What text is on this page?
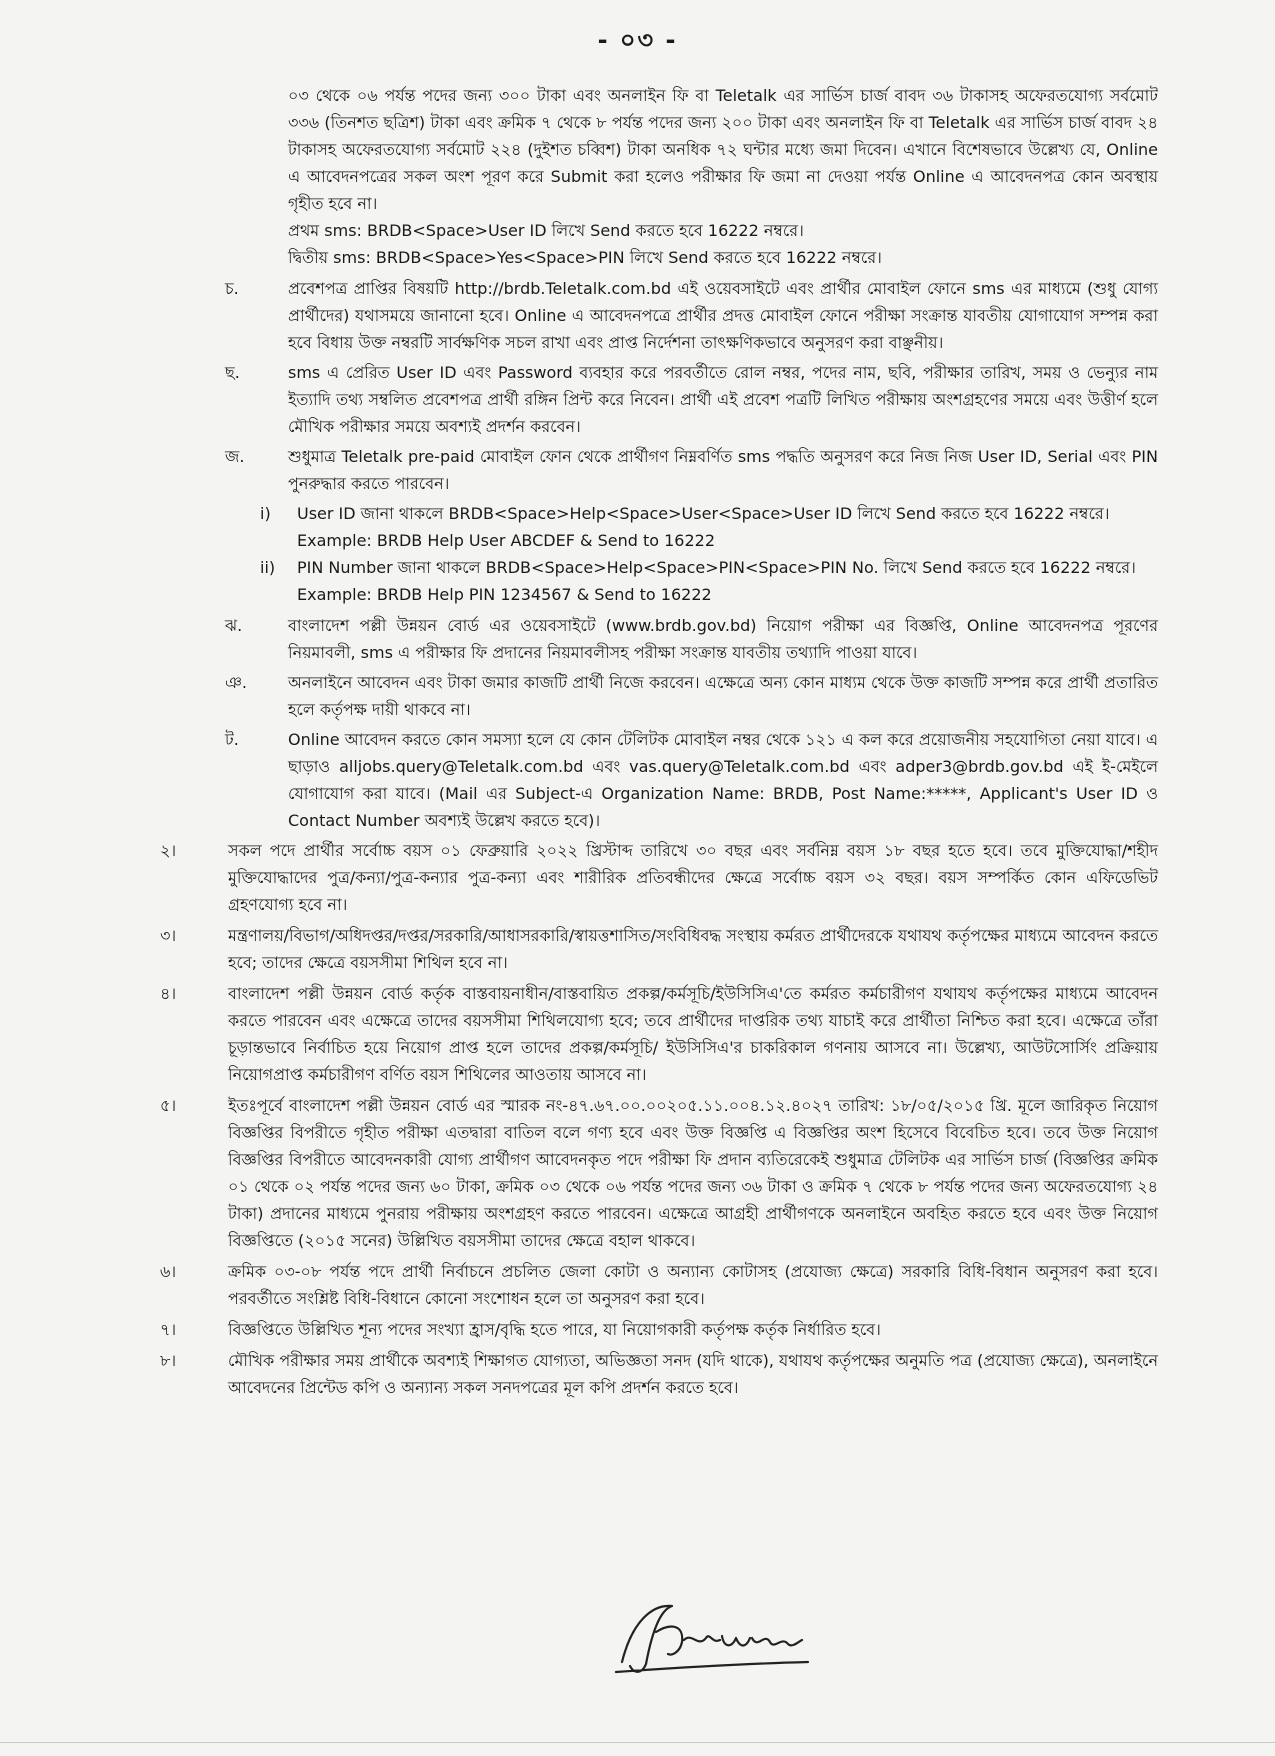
- ০৩ -
০৩ থেকে ০৬ পর্যন্ত পদের জন্য ৩০০ টাকা এবং অনলাইন ফি বা Teletalk এর সার্ভিস চার্জ বাবদ ৩৬ টাকাসহ অফেরতযোগ্য সর্বমোট ৩৩৬ (তিনশত ছত্রিশ) টাকা এবং ক্রমিক ৭ থেকে ৮ পর্যন্ত পদের জন্য ২০০ টাকা এবং অনলাইন ফি বা Teletalk এর সার্ভিস চার্জ বাবদ ২৪ টাকাসহ অফেরতযোগ্য সর্বমোট ২২৪ (দুইশত চব্বিশ) টাকা অনধিক ৭২ ঘন্টার মধ্যে জমা দিবেন। এখানে বিশেষভাবে উল্লেখ্য যে, Online এ আবেদনপত্রের সকল অংশ পূরণ করে Submit করা হলেও পরীক্ষার ফি জমা না দেওয়া পর্যন্ত Online এ আবেদনপত্র কোন অবস্থায় গৃহীত হবে না।
প্রথম sms: BRDB<Space>User ID লিখে Send করতে হবে 16222 নম্বরে।
দ্বিতীয় sms: BRDB<Space>Yes<Space>PIN লিখে Send করতে হবে 16222 নম্বরে।
চ.	প্রবেশপত্র প্রাপ্তির বিষয়টি http://brdb.Teletalk.com.bd এই ওয়েবসাইটে এবং প্রার্থীর মোবাইল ফোনে sms এর মাধ্যমে (শুধু যোগ্য প্রার্থীদের) যথাসময়ে জানানো হবে। Online এ আবেদনপত্রে প্রার্থীর প্রদত্ত মোবাইল ফোনে পরীক্ষা সংক্রান্ত যাবতীয় যোগাযোগ সম্পন্ন করা হবে বিধায় উক্ত নম্বরটি সার্বক্ষণিক সচল রাখা এবং প্রাপ্ত নির্দেশনা তাৎক্ষণিকভাবে অনুসরণ করা বাঞ্ছনীয়।
ছ.	sms এ প্রেরিত User ID এবং Password ব্যবহার করে পরবর্তীতে রোল নম্বর, পদের নাম, ছবি, পরীক্ষার তারিখ, সময় ও ভেন্যুর নাম ইত্যাদি তথ্য সম্বলিত প্রবেশপত্র প্রার্থী রঙ্গিন প্রিন্ট করে নিবেন। প্রার্থী এই প্রবেশ পত্রটি লিখিত পরীক্ষায় অংশগ্রহণের সময়ে এবং উত্তীর্ণ হলে মৌখিক পরীক্ষার সময়ে অবশ্যই প্রদর্শন করবেন।
জ.	শুধুমাত্র Teletalk pre-paid মোবাইল ফোন থেকে প্রার্থীগণ নিম্নবর্ণিত sms পদ্ধতি অনুসরণ করে নিজ নিজ User ID, Serial এবং PIN পুনরুদ্ধার করতে পারবেন।
i) User ID জানা থাকলে BRDB<Space>Help<Space>User<Space>User ID লিখে Send করতে হবে 16222 নম্বরে।
Example: BRDB Help User ABCDEF & Send to 16222
ii) PIN Number জানা থাকলে BRDB<Space>Help<Space>PIN<Space>PIN No. লিখে Send করতে হবে 16222 নম্বরে।
Example: BRDB Help PIN 1234567 & Send to 16222
ঝ.	বাংলাদেশ পল্লী উন্নয়ন বোর্ড এর ওয়েবসাইটে (www.brdb.gov.bd) নিয়োগ পরীক্ষা এর বিজ্ঞপ্তি, Online আবেদনপত্র পূরণের নিয়মাবলী, sms এ পরীক্ষার ফি প্রদানের নিয়মাবলীসহ পরীক্ষা সংক্রান্ত যাবতীয় তথ্যাদি পাওয়া যাবে।
ঞ.	অনলাইনে আবেদন এবং টাকা জমার কাজটি প্রার্থী নিজে করবেন। এক্ষেত্রে অন্য কোন মাধ্যম থেকে উক্ত কাজটি সম্পন্ন করে প্রার্থী প্রতারিত হলে কর্তৃপক্ষ দায়ী থাকবে না।
ট.	Online আবেদন করতে কোন সমস্যা হলে যে কোন টেলিটক মোবাইল নম্বর থেকে ১২১ এ কল করে প্রয়োজনীয় সহযোগিতা নেয়া যাবে। এ ছাড়াও alljobs.query@Teletalk.com.bd এবং vas.query@Teletalk.com.bd এবং adper3@brdb.gov.bd এই ই-মেইলে যোগাযোগ করা যাবে। (Mail এর Subject-এ Organization Name: BRDB, Post Name:*****, Applicant's User ID ও Contact Number অবশ্যই উল্লেখ করতে হবে)।
২।	সকল পদে প্রার্থীর সর্বোচ্চ বয়স ০১ ফেব্রুয়ারি ২০২২ খ্রিস্টাব্দ তারিখে ৩০ বছর এবং সর্বনিম্ন বয়স ১৮ বছর হতে হবে। তবে মুক্তিযোদ্ধা/শহীদ মুক্তিযোদ্ধাদের পুত্র/কন্যা/পুত্র-কন্যার পুত্র-কন্যা এবং শারীরিক প্রতিবন্ধীদের ক্ষেত্রে সর্বোচ্চ বয়স ৩২ বছর। বয়স সম্পর্কিত কোন এফিডেভিট গ্রহণযোগ্য হবে না।
৩।	মন্ত্রণালয়/বিভাগ/অধিদপ্তর/দপ্তর/সরকারি/আধাসরকারি/স্বায়ত্তশাসিত/সংবিধিবদ্ধ সংস্থায় কর্মরত প্রার্থীদেরকে যথাযথ কর্তৃপক্ষের মাধ্যমে আবেদন করতে হবে; তাদের ক্ষেত্রে বয়সসীমা শিথিল হবে না।
৪।	বাংলাদেশ পল্লী উন্নয়ন বোর্ড কর্তৃক বাস্তবায়নাধীন/বাস্তবায়িত প্রকল্প/কর্মসূচি/ইউসিসিএ'তে কর্মরত কর্মচারীগণ যথাযথ কর্তৃপক্ষের মাধ্যমে আবেদন করতে পারবেন এবং এক্ষেত্রে তাদের বয়সসীমা শিথিলযোগ্য হবে; তবে প্রার্থীদের দাপ্তরিক তথ্য যাচাই করে প্রার্থীতা নিশ্চিত করা হবে। এক্ষেত্রে তাঁরা চূড়ান্তভাবে নির্বাচিত হয়ে নিয়োগ প্রাপ্ত হলে তাদের প্রকল্প/কর্মসূচি/ ইউসিসিএ'র চাকরিকাল গণনায় আসবে না। উল্লেখ্য, আউটসোর্সিং প্রক্রিয়ায় নিয়োগপ্রাপ্ত কর্মচারীগণ বর্ণিত বয়স শিথিলের আওতায় আসবে না।
৫।	ইতঃপূর্বে বাংলাদেশ পল্লী উন্নয়ন বোর্ড এর স্মারক নং-৪৭.৬৭.০০.০০২০৫.১১.০০৪.১২.৪০২৭ তারিখ: ১৮/০৫/২০১৫ খ্রি. মূলে জারিকৃত নিয়োগ বিজ্ঞপ্তির বিপরীতে গৃহীত পরীক্ষা এতদ্বারা বাতিল বলে গণ্য হবে এবং উক্ত বিজ্ঞপ্তি এ বিজ্ঞপ্তির অংশ হিসেবে বিবেচিত হবে। তবে উক্ত নিয়োগ বিজ্ঞপ্তির বিপরীতে আবেদনকারী যোগ্য প্রার্থীগণ আবেদনকৃত পদে পরীক্ষা ফি প্রদান ব্যতিরেকেই শুধুমাত্র টেলিটক এর সার্ভিস চার্জ (বিজ্ঞপ্তির ক্রমিক ০১ থেকে ০২ পর্যন্ত পদের জন্য ৬০ টাকা, ক্রমিক ০৩ থেকে ০৬ পর্যন্ত পদের জন্য ৩৬ টাকা ও ক্রমিক ৭ থেকে ৮ পর্যন্ত পদের জন্য অফেরতযোগ্য ২৪ টাকা) প্রদানের মাধ্যমে পুনরায় পরীক্ষায় অংশগ্রহণ করতে পারবেন। এক্ষেত্রে আগ্রহী প্রার্থীগণকে অনলাইনে অবহিত করতে হবে এবং উক্ত নিয়োগ বিজ্ঞপ্তিতে (২০১৫ সনের) উল্লিখিত বয়সসীমা তাদের ক্ষেত্রে বহাল থাকবে।
৬।	ক্রমিক ০৩-০৮ পর্যন্ত পদে প্রার্থী নির্বাচনে প্রচলিত জেলা কোটা ও অন্যান্য কোটাসহ (প্রযোজ্য ক্ষেত্রে) সরকারি বিধি-বিধান অনুসরণ করা হবে। পরবর্তীতে সংশ্লিষ্ট বিধি-বিধানে কোনো সংশোধন হলে তা অনুসরণ করা হবে।
৭।	বিজ্ঞপ্তিতে উল্লিখিত শূন্য পদের সংখ্যা হ্রাস/বৃদ্ধি হতে পারে, যা নিয়োগকারী কর্তৃপক্ষ কর্তৃক নির্ধারিত হবে।
৮।	মৌখিক পরীক্ষার সময় প্রার্থীকে অবশ্যই শিক্ষাগত যোগ্যতা, অভিজ্ঞতা সনদ (যদি থাকে), যথাযথ কর্তৃপক্ষের অনুমতি পত্র (প্রযোজ্য ক্ষেত্রে), অনলাইনে আবেদনের প্রিন্টেড কপি ও অন্যান্য সকল সনদপত্রের মূল কপি প্রদর্শন করতে হবে।
